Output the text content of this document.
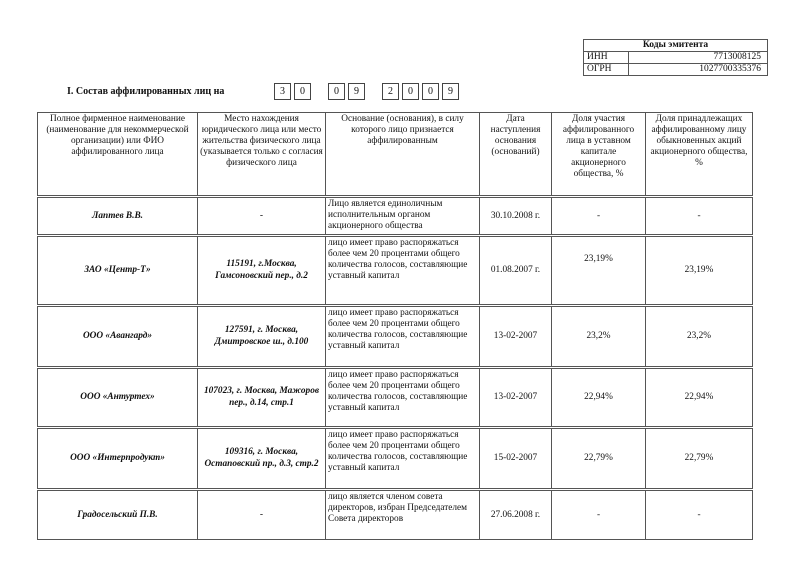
Коды эмитента	
ИНН	7713008125
ОГРН	1027700335376
I. Состав аффилированных лиц на	3	0	0	9	2	0	0	9
Полное фирменное наименование (наименование для некоммерческой организации) или ФИО аффилированного лица	Место нахождения юридического лица или место жительства физического лица (указывается только с согласия физического лица	Основание (основания), в силу которого лицо признается аффилированным	Дата наступления основания (оснований)	Доля участия аффилированного лица в уставном капитале акционерного общества, %	Доля принадлежащих аффилированному лицу обыкновенных акций акционерного общества, %
Лаптев В.В.	-	Лицо является единоличным исполнительным органом акционерного общества	30.10.2008 г.	-	-
ЗАО «Центр-Т»	115191, г.Москва, Гамсоновский пер., д.2	лицо имеет право распоряжаться более чем 20 процентами общего количества голосов, составляющие уставный капитал	01.08.2007 г.	23,19%	23,19%
ООО «Авангард»	127591, г. Москва, Дмитровское ш., д.100	лицо имеет право распоряжаться более чем 20 процентами общего количества голосов, составляющие уставный капитал	13-02-2007	23,2%	23,2%
ООО «Антуртех»	107023, г. Москва, Мажоров пер., д.14, стр.1	лицо имеет право распоряжаться более чем 20 процентами общего количества голосов, составляющие уставный капитал	13-02-2007	22,94%	22,94%
ООО «Интерпродукт»	109316, г. Москва, Остаповский пр., д.3, стр.2	лицо имеет право распоряжаться более чем 20 процентами общего количества голосов, составляющие уставный капитал	15-02-2007	22,79%	22,79%
Градосельский П.В.	-	лицо является членом совета директоров, избран Председателем Совета директоров	27.06.2008 г.	-	-
